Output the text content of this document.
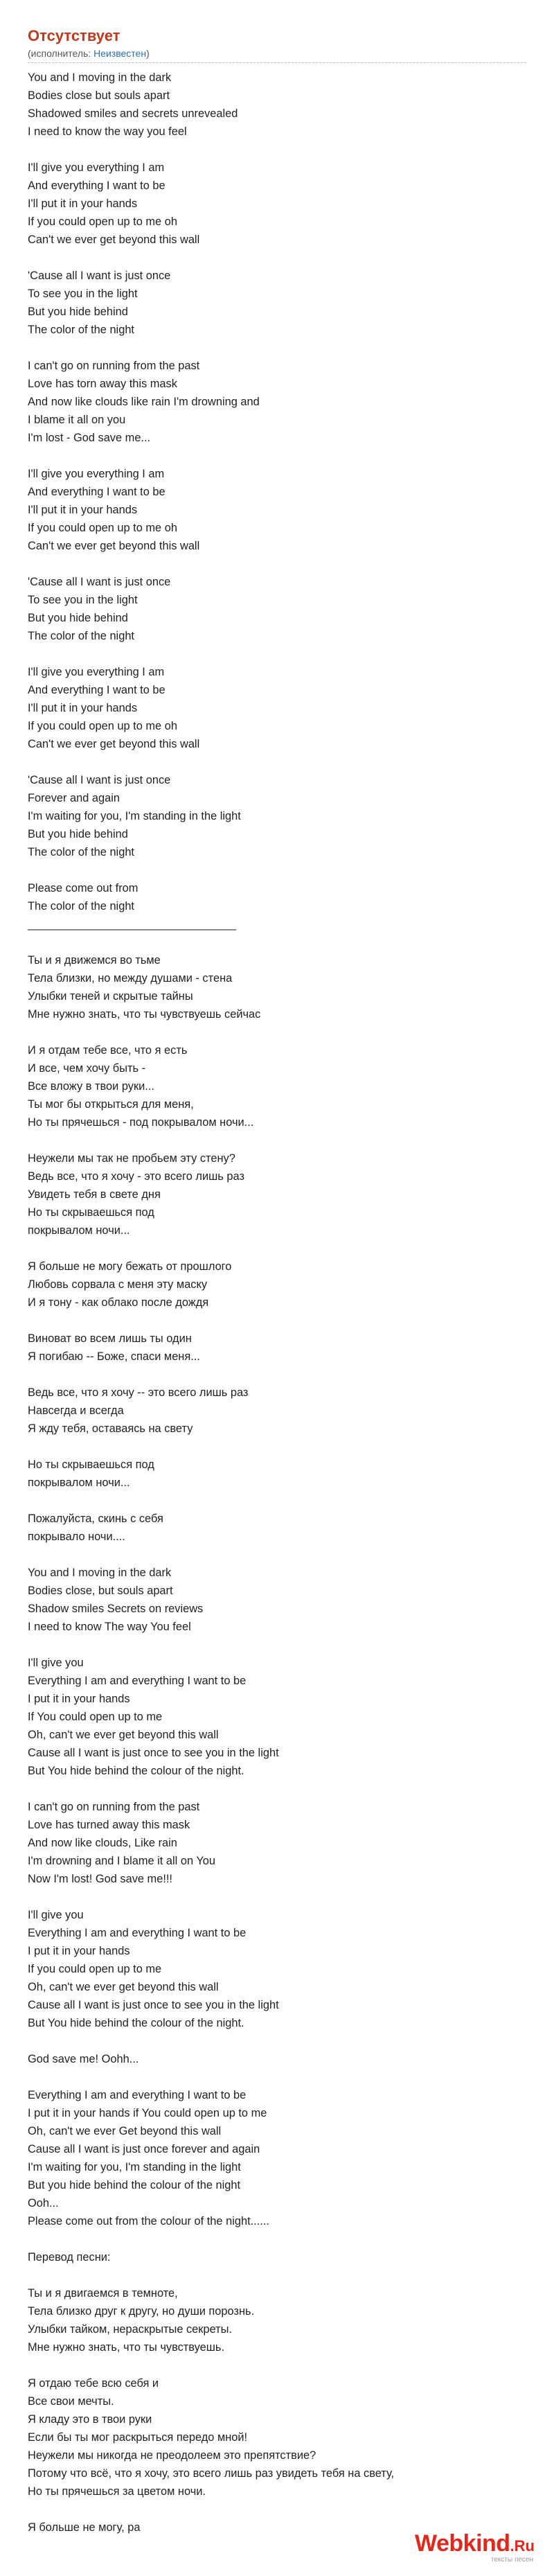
Отсутствует
(исполнитель: Неизвестен)
You and I moving in the dark
Bodies close but souls apart
Shadowed smiles and secrets unrevealed
I need to know the way you feel
I'll give you everything I am
And everything I want to be
I'll put it in your hands
If you could open up to me oh
Can't we ever get beyond this wall
'Cause all I want is just once
To see you in the light
But you hide behind
The color of the night
I can't go on running from the past
Love has torn away this mask
And now like clouds like rain I'm drowning and
I blame it all on you
I'm lost - God save me...
I'll give you everything I am
And everything I want to be
I'll put it in your hands
If you could open up to me oh
Can't we ever get beyond this wall
'Cause all I want is just once
To see you in the light
But you hide behind
The color of the night
I'll give you everything I am
And everything I want to be
I'll put it in your hands
If you could open up to me oh
Can't we ever get beyond this wall
'Cause all I want is just once
Forever and again
I'm waiting for you, I'm standing in the light
But you hide behind
The color of the night
Please come out from
The color of the night
_________________________________
Ты и я движемся во тьме
Тела близки, но между душами - стена
Улыбки теней и скрытые тайны
Мне нужно знать, что ты чувствуешь сейчас
И я отдам тебе все, что я есть
И все, чем хочу быть -
Все вложу в твои руки...
Ты мог бы открыться для меня,
Но ты прячешься - под покрывалом ночи...
Неужели мы так не пробьем эту стену?
Ведь все, что я хочу - это всего лишь раз
Увидеть тебя в свете дня
Но ты скрываешься под
покрывалом ночи...
Я больше не могу бежать от прошлого
Любовь сорвала с меня эту маску
И я тону - как облако после дождя
Виноват во всем лишь ты один
Я погибаю -- Боже, спаси меня...
Ведь все, что я хочу -- это всего лишь раз
Навсегда и всегда
Я жду тебя, оставаясь на свету
Но ты скрываешься под
покрывалом ночи...
Пожалуйста, скинь с себя
покрывало ночи....
You and I moving in the dark
Bodies close, but souls apart
Shadow smiles Secrets on reviews
I need to know The way You feel
I'll give you
Everything I am and everything I want to be
I put it in your hands
If You could open up to me
Oh, can't we ever get beyond this wall
Cause all I want is just once to see you in the light
But You hide behind the colour of the night.
I can't go on running from the past
Love has turned away this mask
And now like clouds, Like rain
I'm drowning and I blame it all on You
Now I'm lost! God save me!!!
I'll give you
Everything I am and everything I want to be
I put it in your hands
If you could open up to me
Oh, can't we ever get beyond this wall
Cause all I want is just once to see you in the light
But You hide behind the colour of the night.
God save me! Oohh...
Everything I am and everything I want to be
I put it in your hands if You could open up to me
Oh, can't we ever Get beyond this wall
Cause all I want is just once forever and again
I'm waiting for you, I'm standing in the light
But you hide behind the colour of the night
Ooh...
Please come out from the colour of the night......
Перевод песни:
Ты и я двигаемся в темноте,
Тела близко друг к другу, но души порознь.
Улыбки тайком, нераскрытые секреты.
Мне нужно знать, что ты чувствуешь.
Я отдаю тебе всю себя и
Все свои мечты.
Я кладу это в твои руки
Если бы ты мог раскрыться передо мной!
Неужели мы никогда не преодолеем это препятствие?
Потому что всё, что я хочу, это всего лишь раз увидеть тебя на свету,
Но ты прячешься за цветом ночи.
Я больше не могу, ра
Webkind.Ru
тексты песен
